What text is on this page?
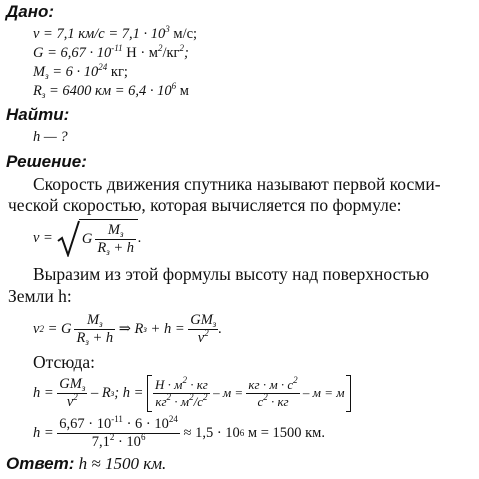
Дано:
v = 7,1 $км/с = 7,1 \cdot 10^3$ м/с;
$G = 6,67 \cdot 10^{-11}$ $Н \cdot м^2/кг^2$;
$M_з = 6 \cdot 10^{24}$ кг;
$R_з = 6400$ км = $6,4 \cdot 10^6$ м
Найти:
h — ?
Решение:
Скорость движения спутника называют первой косми-
ческой скоростью, которая вычисляется по формуле:
v = G $\frac{M_з}{R_з + h}$ .
Выразим из этой формулы высоту над поверхностью
Земли h:
v 2 = G $\frac{M_з}{R_з + h}$ ⇒ R $з + h = \frac{GM_з}{v^2}$ .
Отсюда:
$h = \frac{GM_з}{v^2} - R$ з ; $h = \frac{Н \cdot м^2 \cdot кг}{кг^2 \cdot м^2/с^2} - м = \frac{кг \cdot м \cdot с^2}{с^2 \cdot кг} - м = м$
$h = \frac{6,67 \cdot 10^{-11} \cdot 6 \cdot 10^{24}}{7,1^2 \cdot 10^6} \approx 1,5 \cdot 10$ 6 м = 1500 км.
Ответ: h ≈ 1500 км.
